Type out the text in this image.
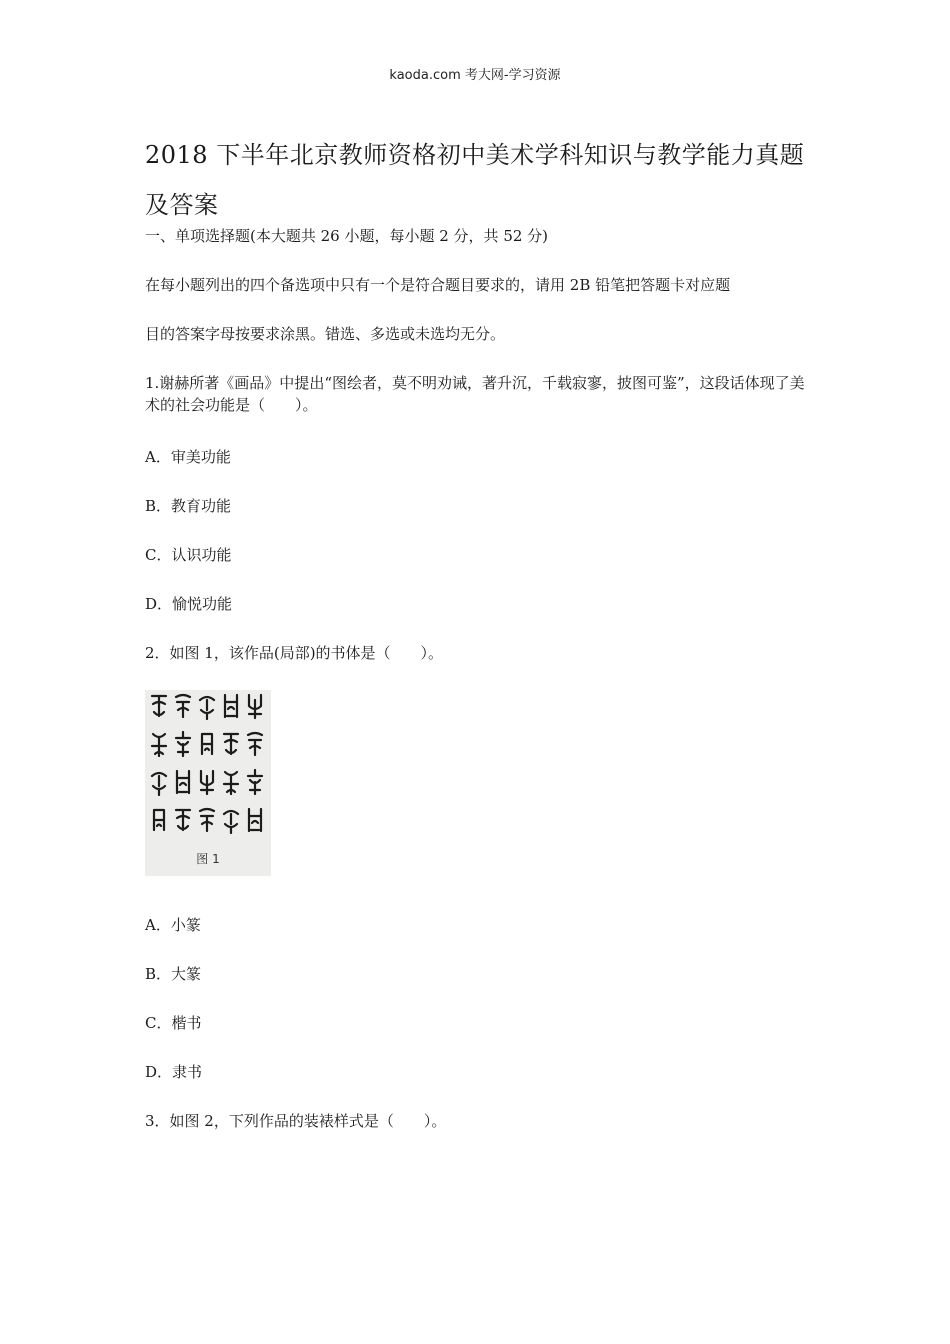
kaoda.com 考大网-学习资源
2018 下半年北京教师资格初中美术学科知识与教学能力真题及答案
一、单项选择题(本大题共 26 小题，每小题 2 分，共 52 分)
在每小题列出的四个备选项中只有一个是符合题目要求的，请用 2B 铅笔把答题卡对应题
目的答案字母按要求涂黑。错选、多选或未选均无分。
1.谢赫所著《画品》中提出“图绘者，莫不明劝诫，著升沉，千载寂寥，披图可鉴”，这段话体现了美术的社会功能是（　　）。
A．审美功能
B．教育功能
C．认识功能
D．愉悦功能
2．如图 1，该作品(局部)的书体是（　　）。
图 1
A．小篆
B．大篆
C．楷书
D．隶书
3．如图 2，下列作品的装裱样式是（　　）。
